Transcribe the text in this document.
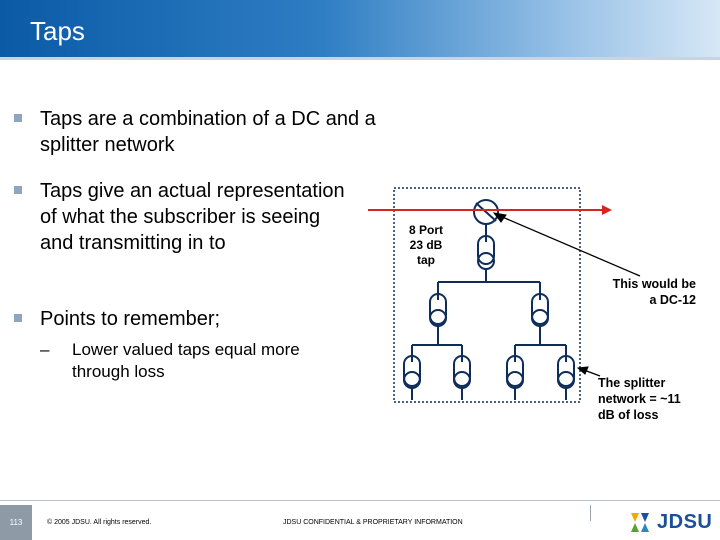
Taps
Taps are a combination of a DC and a splitter network
Taps give an actual representation of what the subscriber is seeing and transmitting in to
Points to remember;
– Lower valued taps equal more through loss
8 Port
23 dB
tap
This would be a DC-12
The splitter network = ~11 dB of loss
113	© 2005 JDSU. All rights reserved.	JDSU CONFIDENTIAL & PROPRIETARY INFORMATION	JDSU
